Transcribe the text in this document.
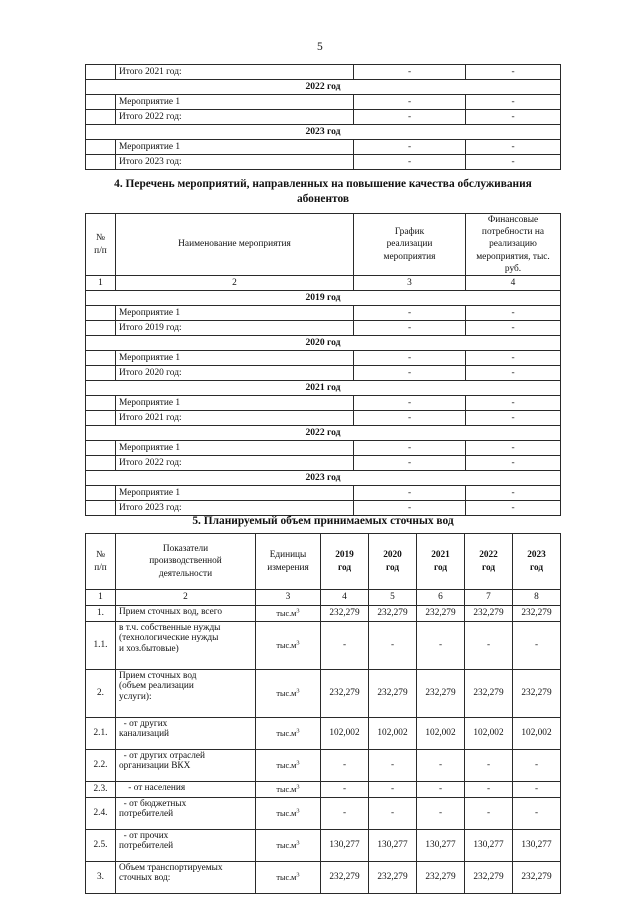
5
	Итого 2021 год:	-	-
2022 год			
	Мероприятие 1	-	-
	Итого 2022 год:	-	-
2023 год			
	Мероприятие 1	-	-
	Итого 2023 год:	-	-
4. Перечень мероприятий, направленных на повышение качества обслуживания абонентов
№
п/п	Наименование мероприятия	График
реализации
мероприятия	Финансовые
потребности на
реализацию
мероприятия, тыс. руб.
1	2	3	4
2019 год			
	Мероприятие 1	-	-
	Итого 2019 год:	-	-
2020 год			
	Мероприятие 1	-	-
	Итого 2020 год:	-	-
2021 год			
	Мероприятие 1	-	-
	Итого 2021 год:	-	-
2022 год			
	Мероприятие 1	-	-
	Итого 2022 год:	-	-
2023 год			
	Мероприятие 1	-	-
	Итого 2023 год:	-	-
5. Планируемый объем принимаемых сточных вод
№
п/п	Показатели
производственной
деятельности	Единицы
измерения	2019
год	2020
год	2021
год	2022
год	2023
год
1	2	3	4	5	6	7	8
1.	Прием сточных вод, всего	$тыс.м^3$	232,279	232,279	232,279	232,279	232,279
1.1.	в т.ч. собственные нужды
(технологические нужды
и хоз.бытовые)	$тыс.м^3$	-	-	-	-	-
2.	Прием сточных вод
(объем реализации
услуги):	$тыс.м^3$	232,279	232,279	232,279	232,279	232,279
2.1.	- от других
канализаций	$тыс.м^3$	102,002	102,002	102,002	102,002	102,002
2.2.	- от других отраслей
организации ВКХ	$тыс.м^3$	-	-	-	-	-
2.3.	- от населения	$тыс.м^3$	-	-	-	-	-
2.4.	- от бюджетных
потребителей	$тыс.м^3$	-	-	-	-	-
2.5.	- от прочих
потребителей	$тыс.м^3$	130,277	130,277	130,277	130,277	130,277
3.	Объем транспортируемых
сточных вод:	$тыс.м^3$	232,279	232,279	232,279	232,279	232,279
